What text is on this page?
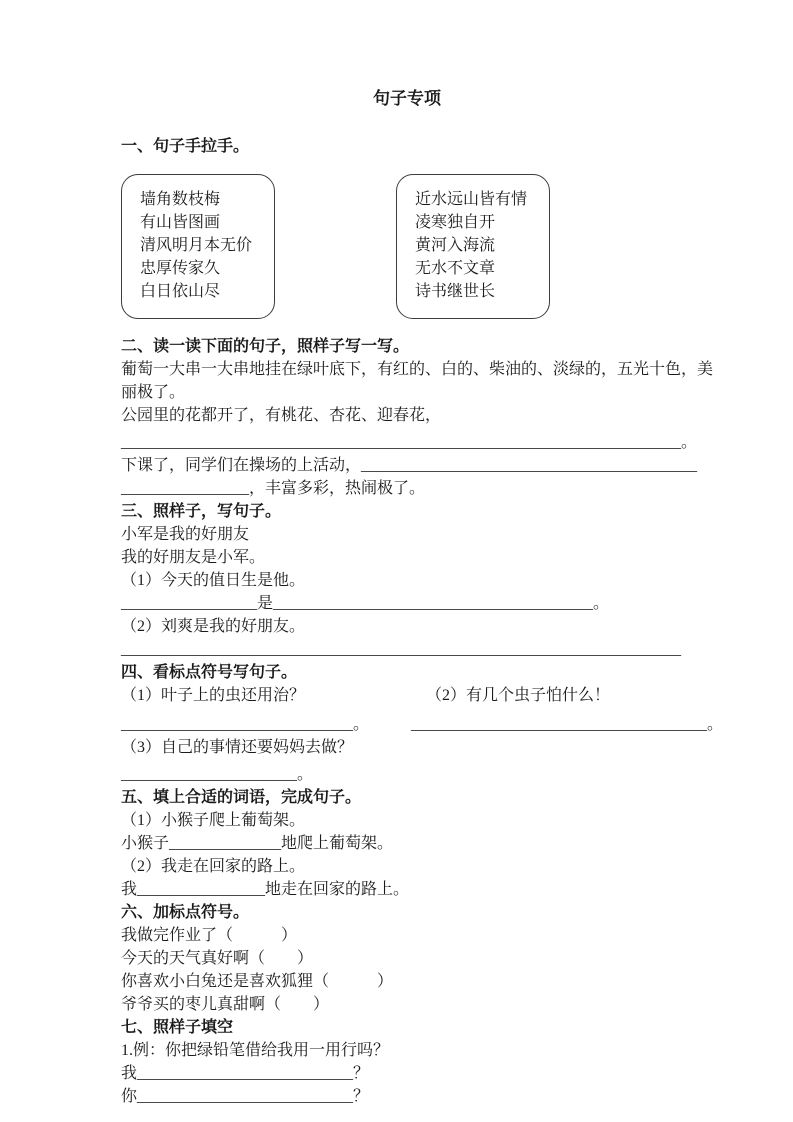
句子专项
一、句子手拉手。
墙角数枝梅
有山皆图画
清风明月本无价
忠厚传家久
白日依山尽
近水远山皆有情
凌寒独自开
黄河入海流
无水不文章
诗书继世长
二、读一读下面的句子，照样子写一写。
葡萄一大串一大串地挂在绿叶底下，有红的、白的、柴油的、淡绿的，五光十色，美丽极了。
公园里的花都开了，有桃花、杏花、迎春花，
______________________________________________________________________。
下课了，同学们在操场的上活动，__________________________________________
________________，丰富多彩，热闹极了。
三、照样子，写句子。
小军是我的好朋友
我的好朋友是小军。
（1）今天的值日生是他。
_________________是________________________________________。
（2）刘爽是我的好朋友。
______________________________________________________________________
四、看标点符号写句子。
（1）叶子上的虫还用治？	（2）有几个虫子怕什么！
_____________________________。	_____________________________________。
（3）自己的事情还要妈妈去做？
______________________。
五、填上合适的词语，完成句子。
（1）小猴子爬上葡萄架。
小猴子______________地爬上葡萄架。
（2）我走在回家的路上。
我________________地走在回家的路上。
六、加标点符号。
我做完作业了（　　　）
今天的天气真好啊（　　）
你喜欢小白兔还是喜欢狐狸（　　　）
爷爷买的枣儿真甜啊（　　）
七、照样子填空
1.例：你把绿铅笔借给我用一用行吗？
我___________________________？
你___________________________？
